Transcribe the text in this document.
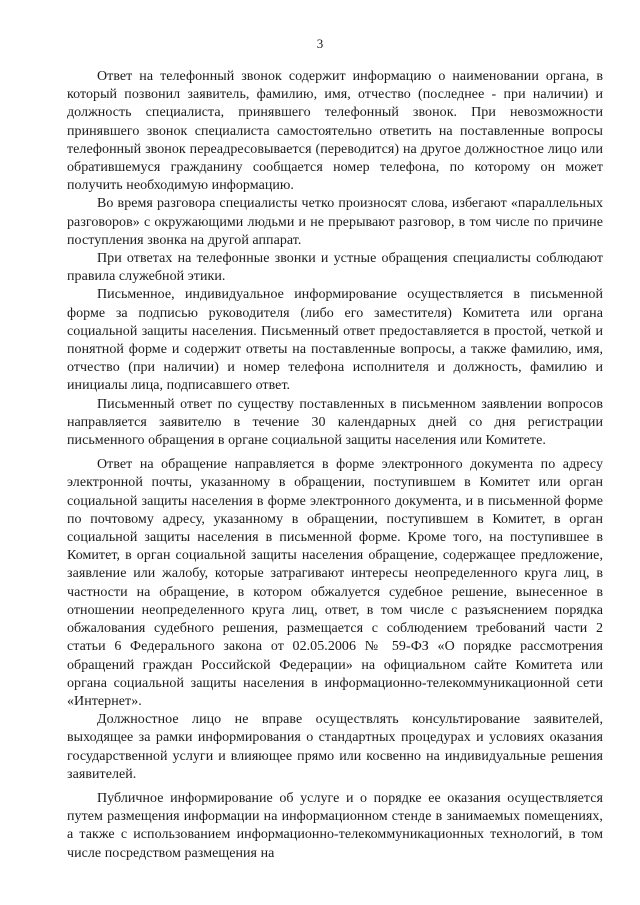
3

Ответ на телефонный звонок содержит информацию о наименовании органа, в который позвонил заявитель, фамилию, имя, отчество (последнее - при наличии) и должность специалиста, принявшего телефонный звонок. При невозможности принявшего звонок специалиста самостоятельно ответить на поставленные вопросы телефонный звонок переадресовывается (переводится) на другое должностное лицо или обратившемуся гражданину сообщается номер телефона, по которому он может получить необходимую информацию.

Во время разговора специалисты четко произносят слова, избегают «параллельных разговоров» с окружающими людьми и не прерывают разговор, в том числе по причине поступления звонка на другой аппарат.

При ответах на телефонные звонки и устные обращения специалисты соблюдают правила служебной этики.

Письменное, индивидуальное информирование осуществляется в письменной форме за подписью руководителя (либо его заместителя) Комитета или органа социальной защиты населения. Письменный ответ предоставляется в простой, четкой и понятной форме и содержит ответы на поставленные вопросы, а также фамилию, имя, отчество (при наличии) и номер телефона исполнителя и должность, фамилию и инициалы лица, подписавшего ответ.

Письменный ответ по существу поставленных в письменном заявлении вопросов направляется заявителю в течение 30 календарных дней со дня регистрации письменного обращения в органе социальной защиты населения или Комитете.

Ответ на обращение направляется в форме электронного документа по адресу электронной почты, указанному в обращении, поступившем в Комитет или орган социальной защиты населения в форме электронного документа, и в письменной форме по почтовому адресу, указанному в обращении, поступившем в Комитет, в орган социальной защиты населения в письменной форме. Кроме того, на поступившее в Комитет, в орган социальной защиты населения обращение, содержащее предложение, заявление или жалобу, которые затрагивают интересы неопределенного круга лиц, в частности на обращение, в котором обжалуется судебное решение, вынесенное в отношении неопределенного круга лиц, ответ, в том числе с разъяснением порядка обжалования судебного решения, размещается с соблюдением требований части 2 статьи 6 Федерального закона от 02.05.2006 № 59-ФЗ «О порядке рассмотрения обращений граждан Российской Федерации» на официальном сайте Комитета или органа социальной защиты населения в информационно-телекоммуникационной сети «Интернет».

Должностное лицо не вправе осуществлять консультирование заявителей, выходящее за рамки информирования о стандартных процедурах и условиях оказания государственной услуги и влияющее прямо или косвенно на индивидуальные решения заявителей.

Публичное информирование об услуге и о порядке ее оказания осуществляется путем размещения информации на информационном стенде в занимаемых помещениях, а также с использованием информационно-телекоммуникационных технологий, в том числе посредством размещения на
